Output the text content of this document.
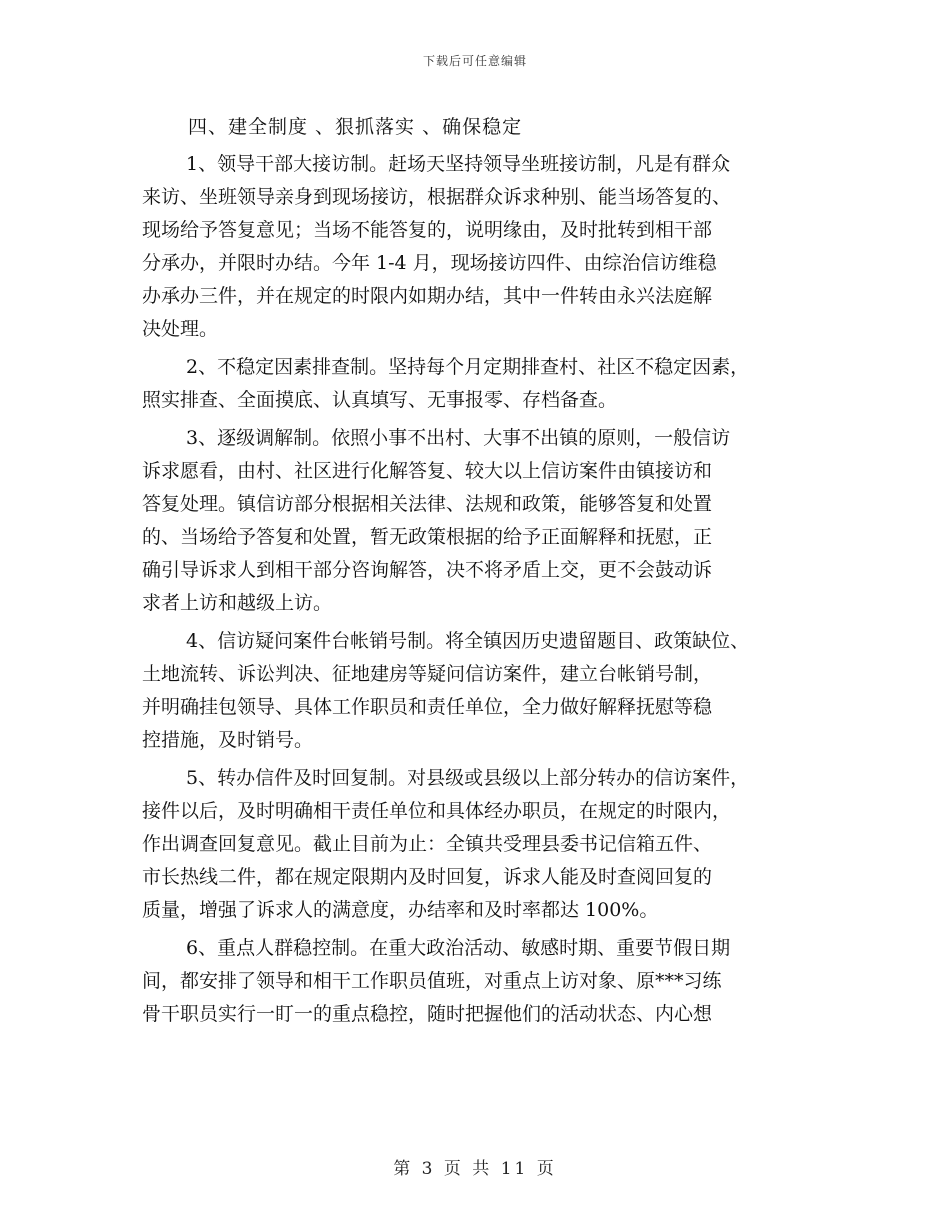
下载后可任意编辑
四、建全制度 、狠抓落实 、确保稳定
1、领导干部大接访制。赶场天坚持领导坐班接访制，凡是有群众
来访、坐班领导亲身到现场接访，根据群众诉求种别、能当场答复的、
现场给予答复意见；当场不能答复的，说明缘由，及时批转到相干部
分承办，并限时办结。今年 1-4 月，现场接访四件、由综治信访维稳
办承办三件，并在规定的时限内如期办结，其中一件转由永兴法庭解
决处理。
2、不稳定因素排查制。坚持每个月定期排查村、社区不稳定因素，
照实排查、全面摸底、认真填写、无事报零、存档备查。
3、逐级调解制。依照小事不出村、大事不出镇的原则，一般信访
诉求愿看，由村、社区进行化解答复、较大以上信访案件由镇接访和
答复处理。镇信访部分根据相关法律、法规和政策，能够答复和处置
的、当场给予答复和处置，暂无政策根据的给予正面解释和抚慰，正
确引导诉求人到相干部分咨询解答，决不将矛盾上交，更不会鼓动诉
求者上访和越级上访。
4、信访疑问案件台帐销号制。将全镇因历史遗留题目、政策缺位、
土地流转、诉讼判决、征地建房等疑问信访案件，建立台帐销号制，
并明确挂包领导、具体工作职员和责任单位，全力做好解释抚慰等稳
控措施，及时销号。
5、转办信件及时回复制。对县级或县级以上部分转办的信访案件，
接件以后，及时明确相干责任单位和具体经办职员，在规定的时限内，
作出调查回复意见。截止目前为止：全镇共受理县委书记信箱五件、
市长热线二件，都在规定限期内及时回复，诉求人能及时查阅回复的
质量，增强了诉求人的满意度，办结率和及时率都达 100%。
6、重点人群稳控制。在重大政治活动、敏感时期、重要节假日期
间，都安排了领导和相干工作职员值班，对重点上访对象、原***习练
骨干职员实行一盯一的重点稳控，随时把握他们的活动状态、内心想
第 3 页 共 11 页
